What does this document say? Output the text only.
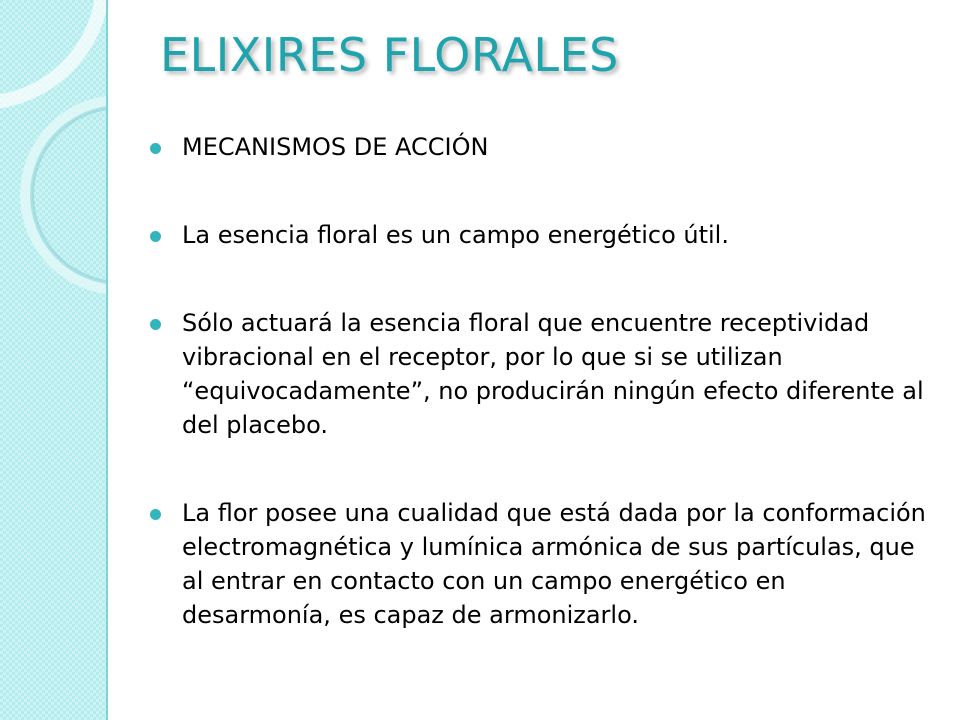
ELIXIRES FLORALES
MECANISMOS DE ACCIÓN
La esencia floral es un campo energético útil.
Sólo actuará la esencia floral que encuentre receptividad vibracional en el receptor, por lo que si se utilizan “equivocadamente”, no producirán ningún efecto diferente al del placebo.
La flor posee una cualidad que está dada por la conformación electromagnética y lumínica armónica de sus partículas, que al entrar en contacto con un campo energético en desarmonía, es capaz de armonizarlo.
